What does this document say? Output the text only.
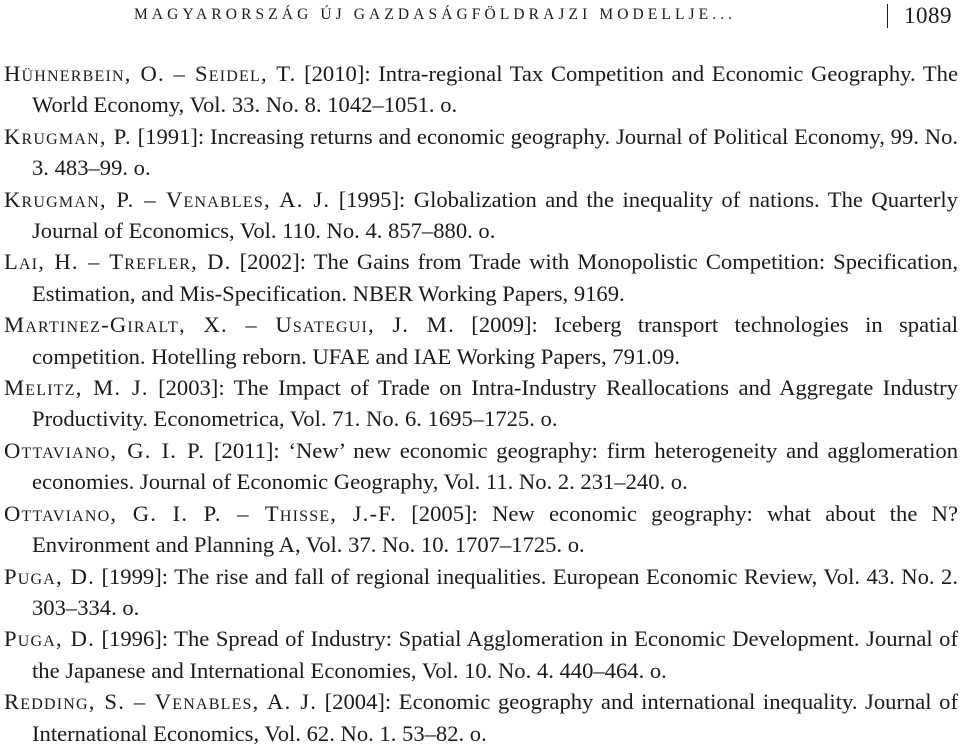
MAGYARORSZÁG ÚJ GAZDASÁGFÖLDRAJZI MODELLJE...	1089
Hühnerbein, O. – Seidel, T. [2010]: Intra-regional Tax Competition and Economic Geography. The World Economy, Vol. 33. No. 8. 1042–1051. o.
Krugman, P. [1991]: Increasing returns and economic geography. Journal of Political Economy, 99. No. 3. 483–99. o.
Krugman, P. – Venables, A. J. [1995]: Globalization and the inequality of nations. The Quarterly Journal of Economics, Vol. 110. No. 4. 857–880. o.
Lai, H. – Trefler, D. [2002]: The Gains from Trade with Monopolistic Competition: Specification, Estimation, and Mis-Specification. NBER Working Papers, 9169.
Martinez-Giralt, X. – Usategui, J. M. [2009]: Iceberg transport technologies in spatial competition. Hotelling reborn. UFAE and IAE Working Papers, 791.09.
Melitz, M. J. [2003]: The Impact of Trade on Intra-Industry Reallocations and Aggregate Industry Productivity. Econometrica, Vol. 71. No. 6. 1695–1725. o.
Ottaviano, G. I. P. [2011]: ‘New’ new economic geography: firm heterogeneity and agglomeration economies. Journal of Economic Geography, Vol. 11. No. 2. 231–240. o.
Ottaviano, G. I. P. – Thisse, J.-F. [2005]: New economic geography: what about the N? Environment and Planning A, Vol. 37. No. 10. 1707–1725. o.
Puga, D. [1999]: The rise and fall of regional inequalities. European Economic Review, Vol. 43. No. 2. 303–334. o.
Puga, D. [1996]: The Spread of Industry: Spatial Agglomeration in Economic Development. Journal of the Japanese and International Economies, Vol. 10. No. 4. 440–464. o.
Redding, S. – Venables, A. J. [2004]: Economic geography and international inequality. Journal of International Economics, Vol. 62. No. 1. 53–82. o.
